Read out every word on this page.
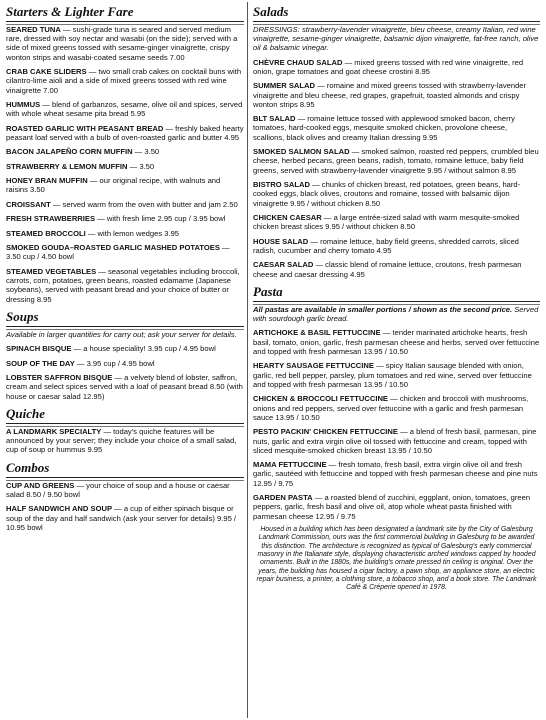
Starters & Lighter Fare
SEARED TUNA — sushi-grade tuna is seared and served medium rare, dressed with soy nectar and wasabi (on the side); served with a side of mixed greens tossed with sesame-ginger vinaigrette, crispy wonton strips and wasabi-coated sesame seeds 7.00
CRAB CAKE SLIDERS — two small crab cakes on cocktail buns with cilantro-lime aioli and a side of mixed greens tossed with red wine vinaigrette 7.00
HUMMUS — blend of garbanzos, sesame, olive oil and spices, served with whole wheat sesame pita bread 5.95
ROASTED GARLIC WITH PEASANT BREAD — freshly baked hearty peasant loaf served with a bulb of oven-roasted garlic and butter 4.95
BACON JALAPEÑO CORN MUFFIN — 3.50
STRAWBERRY & LEMON MUFFIN — 3.50
HONEY BRAN MUFFIN — our original recipe, with walnuts and raisins 3.50
CROISSANT — served warm from the oven with butter and jam 2.50
FRESH STRAWBERRIES — with fresh lime 2.95 cup / 3.95 bowl
STEAMED BROCCOLI — with lemon wedges 3.95
SMOKED GOUDA–ROASTED GARLIC MASHED POTATOES — 3.50 cup / 4.50 bowl
STEAMED VEGETABLES — seasonal vegetables including broccoli, carrots, corn, potatoes, green beans, roasted edamame (Japanese soybeans), served with peasant bread and your choice of butter or dressing 8.95
Soups
Available in larger quantities for carry out; ask your server for details.
SPINACH BISQUE — a house speciality! 3.95 cup / 4.95 bowl
SOUP OF THE DAY — 3.95 cup / 4.95 bowl
LOBSTER SAFFRON BISQUE — a velvety blend of lobster, saffron, cream and select spices served with a loaf of peasant bread 8.50 (with house or caesar salad 12.95)
Quiche
A LANDMARK SPECIALTY — today's quiche features will be announced by your server; they include your choice of a small salad, cup of soup or hummus 9.95
Combos
CUP AND GREENS — your choice of soup and a house or caesar salad 8.50 / 9.50 bowl
HALF SANDWICH AND SOUP — a cup of either spinach bisque or soup of the day and half sandwich (ask your server for details) 9.95 / 10.95 bowl
Salads
DRESSINGS: strawberry-lavender vinaigrette, bleu cheese, creamy Italian, red wine vinaigrette, sesame-ginger vinaigrette, balsamic dijon vinaigrette, fat-free ranch, olive oil & balsamic vinegar.
CHÈVRE CHAUD SALAD — mixed greens tossed with red wine vinaigrette, red onion, grape tomatoes and goat cheese crostini 8.95
SUMMER SALAD — romaine and mixed greens tossed with strawberry-lavender vinaigrette and bleu cheese, red grapes, grapefruit, toasted almonds and crispy wonton strips 8.95
BLT SALAD — romaine lettuce tossed with applewood smoked bacon, cherry tomatoes, hard-cooked eggs, mesquite smoked chicken, provolone cheese, scallions, black olives and creamy Italian dressing 9.95
SMOKED SALMON SALAD — smoked salmon, roasted red peppers, crumbled bleu cheese, herbed pecans, green beans, radish, tomato, romaine lettuce, baby field greens, served with strawberry-lavender vinaigrette 9.95 / without salmon 8.95
BISTRO SALAD — chunks of chicken breast, red potatoes, green beans, hard-cooked eggs, black olives, croutons and romaine, tossed with balsamic dijon vinaigrette 9.95 / without chicken 8.50
CHICKEN CAESAR — a large entrée-sized salad with warm mesquite-smoked chicken breast slices 9.95 / without chicken 8.50
HOUSE SALAD — romaine lettuce, baby field greens, shredded carrots, sliced radish, cucumber and cherry tomato 4.95
CAESAR SALAD — classic blend of romaine lettuce, croutons, fresh parmesan cheese and caesar dressing 4.95
Pasta
All pastas are available in smaller portions / shown as the second price. Served with sourdough garlic bread.
ARTICHOKE & BASIL FETTUCCINE — tender marinated artichoke hearts, fresh basil, tomato, onion, garlic, fresh parmesan cheese and herbs, served over fettuccine and topped with fresh parmesan 13.95 / 10.50
HEARTY SAUSAGE FETTUCCINE — spicy Italian sausage blended with onion, garlic, red bell pepper, parsley, plum tomatoes and red wine, served over fettuccine and topped with fresh parmesan 13.95 / 10.50
CHICKEN & BROCCOLI FETTUCCINE — chicken and broccoli with mushrooms, onions and red peppers, served over fettuccine with a garlic and fresh parmesan sauce 13.95 / 10.50
PESTO PACKIN' CHICKEN FETTUCCINE — a blend of fresh basil, parmesan, pine nuts, garlic and extra virgin olive oil tossed with fettuccine and cream, topped with sliced mesquite-smoked chicken breast 13.95 / 10.50
MAMA FETTUCCINE — fresh tomato, fresh basil, extra virgin olive oil and fresh garlic, sautéed with fettuccine and topped with fresh parmesan cheese and pine nuts 12.95 / 9.75
GARDEN PASTA — a roasted blend of zucchini, eggplant, onion, tomatoes, green peppers, garlic, fresh basil and olive oil, atop whole wheat pasta finished with parmesan cheese 12.95 / 9.75
Housed in a building which has been designated a landmark site by the City of Galesburg Landmark Commission, ours was the first commercial building in Galesburg to be awarded this distinction. The architecture is recognized as typical of Galesburg's early commercial masonry in the Italianate style, displaying characteristic arched windows capped by hooded ornaments. Built in the 1880s, the building's ornate pressed tin ceiling is original. Over the years, the building has housed a cigar factory, a pawn shop, an appliance store, an electric repair business, a printer, a clothing store, a tobacco shop, and a book store. The Landmark Café & Créperie opened in 1978.
